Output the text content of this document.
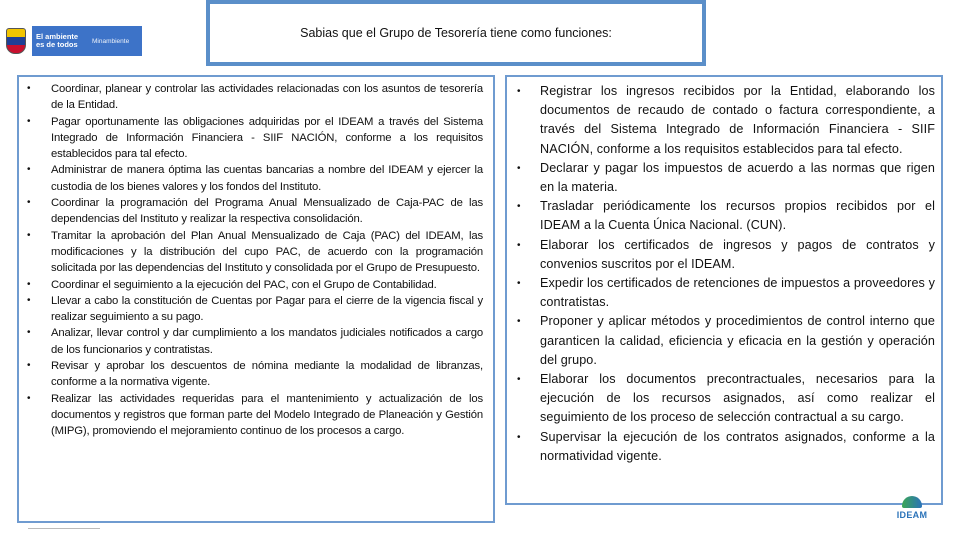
El ambiente es de todos	Minambiente
Sabias que el Grupo de Tesorería tiene como funciones:
• Coordinar, planear y controlar las actividades relacionadas con los asuntos de tesorería de la Entidad.
• Pagar oportunamente las obligaciones adquiridas por el IDEAM a través del Sistema Integrado de Información Financiera - SIIF NACIÓN, conforme a los requisitos establecidos para tal efecto.
• Administrar de manera óptima las cuentas bancarias a nombre del IDEAM y ejercer la custodia de los bienes valores y los fondos del Instituto.
• Coordinar la programación del Programa Anual Mensualizado de Caja-PAC de las dependencias del Instituto y realizar la respectiva consolidación.
• Tramitar la aprobación del Plan Anual Mensualizado de Caja (PAC) del IDEAM, las modificaciones y la distribución del cupo PAC, de acuerdo con la programación solicitada por las dependencias del Instituto y consolidada por el Grupo de Presupuesto.
• Coordinar el seguimiento a la ejecución del PAC, con el Grupo de Contabilidad.
• Llevar a cabo la constitución de Cuentas por Pagar para el cierre de la vigencia fiscal y realizar seguimiento a su pago.
• Analizar, llevar control y dar cumplimiento a los mandatos judiciales notificados a cargo de los funcionarios y contratistas.
• Revisar y aprobar los descuentos de nómina mediante la modalidad de libranzas, conforme a la normativa vigente.
• Realizar las actividades requeridas para el mantenimiento y actualización de los documentos y registros que forman parte del Modelo Integrado de Planeación y Gestión (MIPG), promoviendo el mejoramiento continuo de los procesos a cargo.
• Registrar los ingresos recibidos por la Entidad, elaborando los documentos de recaudo de contado o factura correspondiente, a través del Sistema Integrado de Información Financiera - SIIF NACIÓN, conforme a los requisitos establecidos para tal efecto.
• Declarar y pagar los impuestos de acuerdo a las normas que rigen en la materia.
• Trasladar periódicamente los recursos propios recibidos por el IDEAM a la Cuenta Única Nacional. (CUN).
• Elaborar los certificados de ingresos y pagos de contratos y convenios suscritos por el IDEAM.
• Expedir los certificados de retenciones de impuestos a proveedores y contratistas.
• Proponer y aplicar métodos y procedimientos de control interno que garanticen la calidad, eficiencia y eficacia en la gestión y operación del grupo.
• Elaborar los documentos precontractuales, necesarios para la ejecución de los recursos asignados, así como realizar el seguimiento de los proceso de selección contractual a su cargo.
• Supervisar la ejecución de los contratos asignados, conforme a la normatividad vigente.
IDEAM
